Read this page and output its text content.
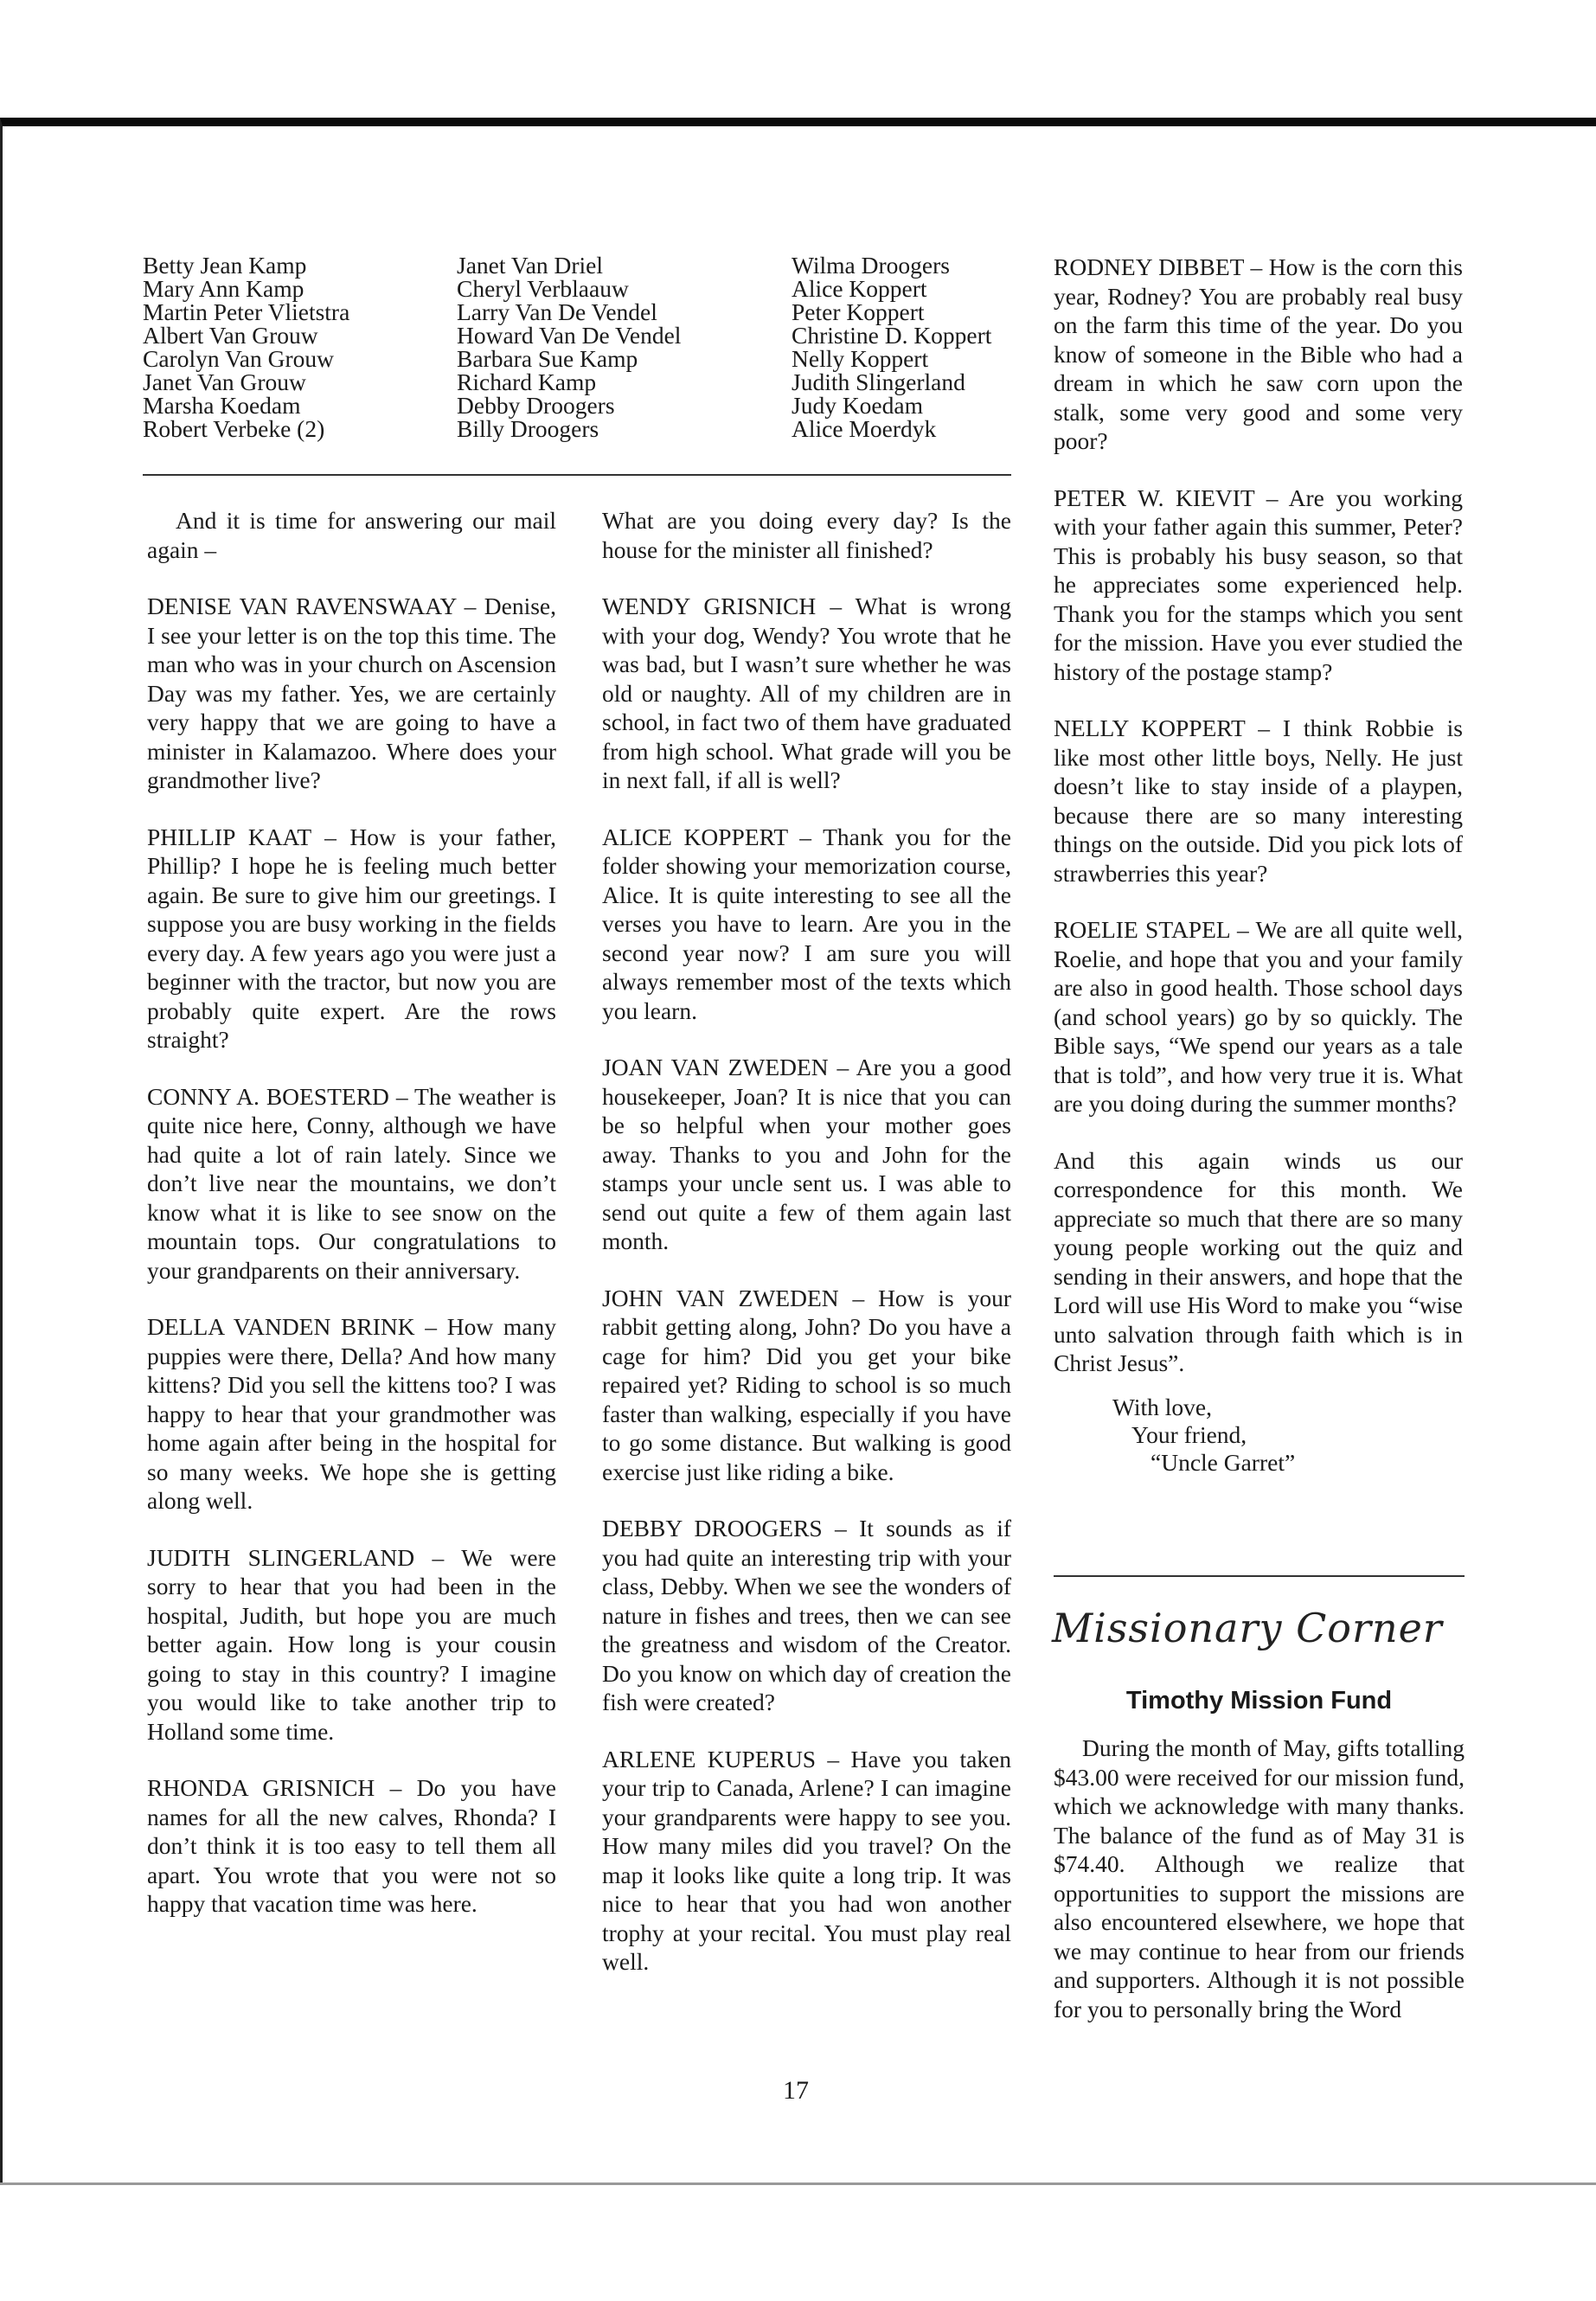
Betty Jean Kamp
Mary Ann Kamp
Martin Peter Vlietstra
Albert Van Grouw
Carolyn Van Grouw
Janet Van Grouw
Marsha Koedam
Robert Verbeke (2)
Janet Van Driel
Cheryl Verblaauw
Larry Van De Vendel
Howard Van De Vendel
Barbara Sue Kamp
Richard Kamp
Debby Droogers
Billy Droogers
Wilma Droogers
Alice Koppert
Peter Koppert
Christine D. Koppert
Nelly Koppert
Judith Slingerland
Judy Koedam
Alice Moerdyk

And it is time for answering our mail again –

DENISE VAN RAVENSWAAY – Denise, I see your letter is on the top this time. The man who was in your church on Ascension Day was my father. Yes, we are certainly very happy that we are going to have a minister in Kalamazoo. Where does your grandmother live?

PHILLIP KAAT – How is your father, Phillip? I hope he is feeling much better again. Be sure to give him our greetings. I suppose you are busy working in the fields every day. A few years ago you were just a beginner with the tractor, but now you are probably quite expert. Are the rows straight?

CONNY A. BOESTERD – The weather is quite nice here, Conny, although we have had quite a lot of rain lately. Since we don’t live near the mountains, we don’t know what it is like to see snow on the mountain tops. Our congratulations to your grandparents on their anniversary.

DELLA VANDEN BRINK – How many puppies were there, Della? And how many kittens? Did you sell the kittens too? I was happy to hear that your grandmother was home again after being in the hospital for so many weeks. We hope she is getting along well.

JUDITH SLINGERLAND – We were sorry to hear that you had been in the hospital, Judith, but hope you are much better again. How long is your cousin going to stay in this country? I imagine you would like to take another trip to Holland some time.

RHONDA GRISNICH – Do you have names for all the new calves, Rhonda? I don’t think it is too easy to tell them all apart. You wrote that you were not so happy that vacation time was here.

What are you doing every day? Is the house for the minister all finished?

WENDY GRISNICH – What is wrong with your dog, Wendy? You wrote that he was bad, but I wasn’t sure whether he was old or naughty. All of my children are in school, in fact two of them have graduated from high school. What grade will you be in next fall, if all is well?

ALICE KOPPERT – Thank you for the folder showing your memorization course, Alice. It is quite interesting to see all the verses you have to learn. Are you in the second year now? I am sure you will always remember most of the texts which you learn.

JOAN VAN ZWEDEN – Are you a good housekeeper, Joan? It is nice that you can be so helpful when your mother goes away. Thanks to you and John for the stamps your uncle sent us. I was able to send out quite a few of them again last month.

JOHN VAN ZWEDEN – How is your rabbit getting along, John? Do you have a cage for him? Did you get your bike repaired yet? Riding to school is so much faster than walking, especially if you have to go some distance. But walking is good exercise just like riding a bike.

DEBBY DROOGERS – It sounds as if you had quite an interesting trip with your class, Debby. When we see the wonders of nature in fishes and trees, then we can see the greatness and wisdom of the Creator. Do you know on which day of creation the fish were created?

ARLENE KUPERUS – Have you taken your trip to Canada, Arlene? I can imagine your grandparents were happy to see you. How many miles did you travel? On the map it looks like quite a long trip. It was nice to hear that you had won another trophy at your recital. You must play real well.

RODNEY DIBBET – How is the corn this year, Rodney? You are probably real busy on the farm this time of the year. Do you know of someone in the Bible who had a dream in which he saw corn upon the stalk, some very good and some very poor?

PETER W. KIEVIT – Are you working with your father again this summer, Peter? This is probably his busy season, so that he appreciates some experienced help. Thank you for the stamps which you sent for the mission. Have you ever studied the history of the postage stamp?

NELLY KOPPERT – I think Robbie is like most other little boys, Nelly. He just doesn’t like to stay inside of a playpen, because there are so many interesting things on the outside. Did you pick lots of strawberries this year?

ROELIE STAPEL – We are all quite well, Roelie, and hope that you and your family are also in good health. Those school days (and school years) go by so quickly. The Bible says, “We spend our years as a tale that is told”, and how very true it is. What are you doing during the summer months?

And this again winds us our correspondence for this month. We appreciate so much that there are so many young people working out the quiz and sending in their answers, and hope that the Lord will use His Word to make you “wise unto salvation through faith which is in Christ Jesus”.

With love,
Your friend,
“Uncle Garret”
Missionary Corner
Timothy Mission Fund

During the month of May, gifts totalling $43.00 were received for our mission fund, which we acknowledge with many thanks. The balance of the fund as of May 31 is $74.40. Although we realize that opportunities to support the missions are also encountered elsewhere, we hope that we may continue to hear from our friends and supporters. Although it is not possible for you to personally bring the Word

17
